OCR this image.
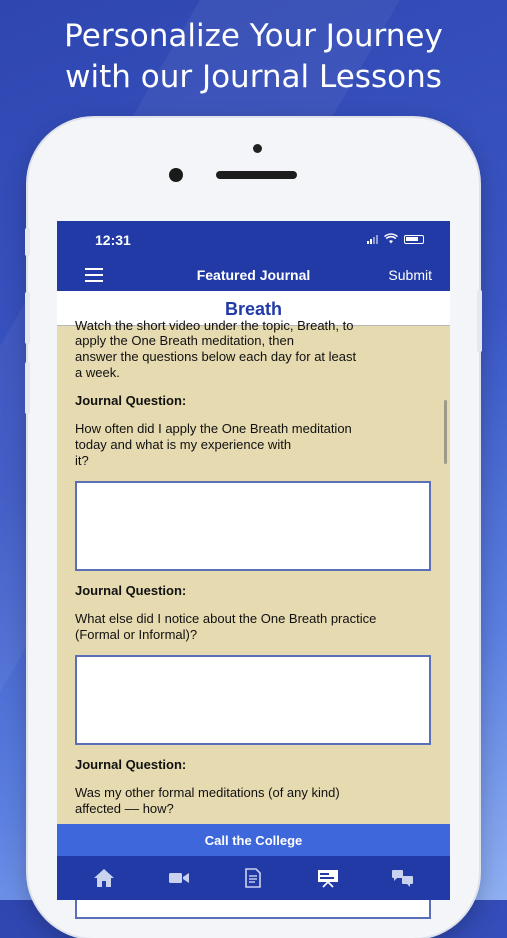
Personalize Your Journey
with our Journal Lessons
12:31
Featured Journal	Submit
Breath
Watch the short video under the topic, Breath, to
apply the One Breath meditation, then
answer the questions below each day for at least
a week.
Journal Question:
How often did I apply the One Breath meditation
today and what is my experience with
it?
Journal Question:
What else did I notice about the One Breath practice
(Formal or Informal)?
Journal Question:
Was my other formal meditations (of any kind)
affected –– how?
Call the College
